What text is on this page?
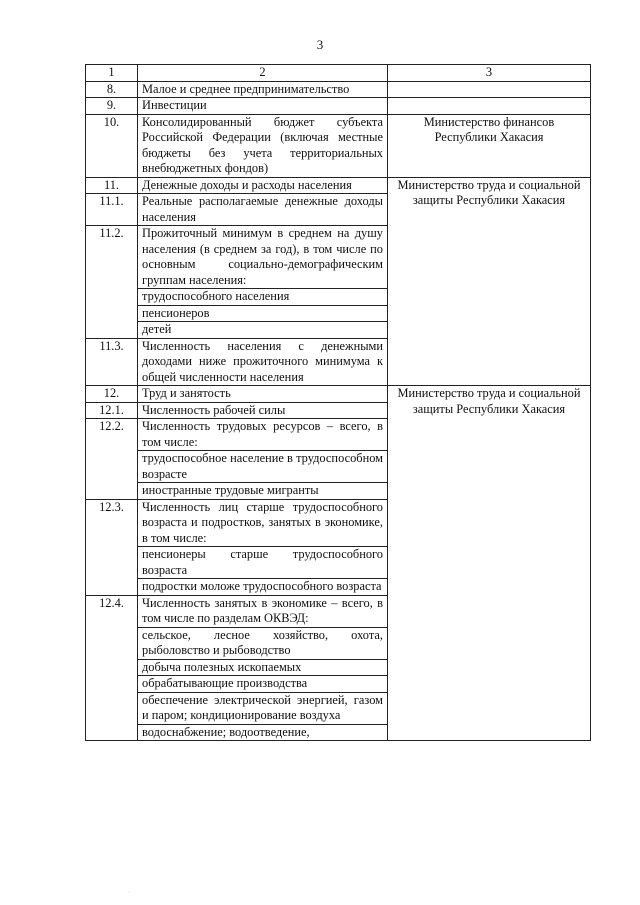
3
1	2	3
8.	Малое и среднее предпринимательство	
9.	Инвестиции	
10.	Консолидированный бюджет субъекта Российской Федерации (включая местные бюджеты без учета территориальных внебюджетных фондов)	Министерство финансов Республики Хакасия
11.	Денежные доходы и расходы населения	Министерство труда и социальной защиты Республики Хакасия
11.1.	Реальные располагаемые денежные доходы населения	
11.2.	Прожиточный минимум в среднем на душу населения (в среднем за год), в том числе по основным социально-демографическим группам населения:	
	трудоспособного населения	
	пенсионеров	
	детей	
11.3.	Численность населения с денежными доходами ниже прожиточного минимума к общей численности населения	
12.	Труд и занятость	Министерство труда и социальной защиты Республики Хакасия
12.1.	Численность рабочей силы	
12.2.	Численность трудовых ресурсов – всего, в том числе:	
	трудоспособное население в трудоспособном возрасте	
	иностранные трудовые мигранты	
12.3.	Численность лиц старше трудоспособного возраста и подростков, занятых в экономике, в том числе:	
	пенсионеры старше трудоспособного возраста	
	подростки моложе трудоспособного возраста	
12.4.	Численность занятых в экономике – всего, в том числе по разделам ОКВЭД:	
	сельское, лесное хозяйство, охота, рыболовство и рыбоводство	
	добыча полезных ископаемых	
	обрабатывающие производства	
	обеспечение электрической энергией, газом и паром; кондиционирование воздуха	
	водоснабжение; водоотведение,	
·
